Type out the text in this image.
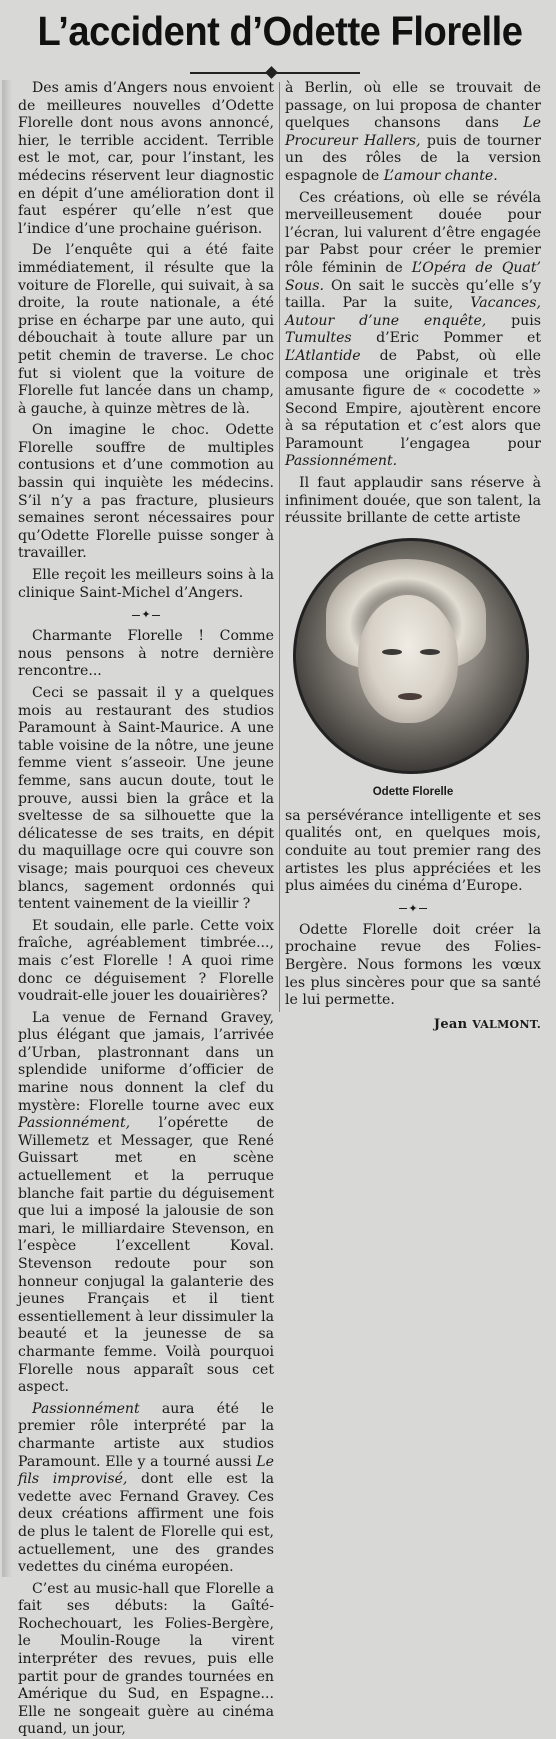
L’accident d’Odette Florelle

Des amis d’Angers nous envoient de meilleures nouvelles d’Odette Florelle dont nous avons annoncé, hier, le terrible accident. Terrible est le mot, car, pour l’instant, les médecins réservent leur diagnostic en dépit d’une amélioration dont il faut espérer qu’elle n’est que l’indice d’une prochaine guérison.

De l’enquête qui a été faite immédiatement, il résulte que la voiture de Florelle, qui suivait, à sa droite, la route nationale, a été prise en écharpe par une auto, qui débouchait à toute allure par un petit chemin de traverse. Le choc fut si violent que la voiture de Florelle fut lancée dans un champ, à gauche, à quinze mètres de là.

On imagine le choc. Odette Florelle souffre de multiples contusions et d’une commotion au bassin qui inquiète les médecins. S’il n’y a pas fracture, plusieurs semaines seront nécessaires pour qu’Odette Florelle puisse songer à travailler.

Elle reçoit les meilleurs soins à la clinique Saint-Michel d’Angers.

✦

Charmante Florelle ! Comme nous pensons à notre dernière rencontre...

Ceci se passait il y a quelques mois au restaurant des studios Paramount à Saint-Maurice. A une table voisine de la nôtre, une jeune femme vient s’asseoir. Une jeune femme, sans aucun doute, tout le prouve, aussi bien la grâce et la sveltesse de sa silhouette que la délicatesse de ses traits, en dépit du maquillage ocre qui couvre son visage; mais pourquoi ces cheveux blancs, sagement ordonnés qui tentent vainement de la vieillir ?

Et soudain, elle parle. Cette voix fraîche, agréablement timbrée..., mais c’est Florelle ! A quoi rime donc ce déguisement ? Florelle voudrait-elle jouer les douairières?

La venue de Fernand Gravey, plus élégant que jamais, l’arrivée d’Urban, plastronnant dans un splendide uniforme d’officier de marine nous donnent la clef du mystère: Florelle tourne avec eux Passionnément, l’opérette de Willemetz et Messager, que René Guissart met en scène actuellement et la perruque blanche fait partie du déguisement que lui a imposé la jalousie de son mari, le milliardaire Stevenson, en l’espèce l’excellent Koval. Stevenson redoute pour son honneur conjugal la galanterie des jeunes Français et il tient essentiellement à leur dissimuler la beauté et la jeunesse de sa charmante femme. Voilà pourquoi Florelle nous apparaît sous cet aspect.

Passionnément aura été le premier rôle interprété par la charmante artiste aux studios Paramount. Elle y a tourné aussi Le fils improvisé, dont elle est la vedette avec Fernand Gravey. Ces deux créations affirment une fois de plus le talent de Florelle qui est, actuellement, une des grandes vedettes du cinéma européen.

C’est au music-hall que Florelle a fait ses débuts: la Gaîté-Rochechouart, les Folies-Bergère, le Moulin-Rouge la virent interpréter des revues, puis elle partit pour de grandes tournées en Amérique du Sud, en Espagne... Elle ne songeait guère au cinéma quand, un jour,

à Berlin, où elle se trouvait de passage, on lui proposa de chanter quelques chansons dans Le Procureur Hallers, puis de tourner un des rôles de la version espagnole de L’amour chante.

Ces créations, où elle se révéla merveilleusement douée pour l’écran, lui valurent d’être engagée par Pabst pour créer le premier rôle féminin de L’Opéra de Quat’ Sous. On sait le succès qu’elle s’y tailla. Par la suite, Vacances, Autour d’une enquête, puis Tumultes d’Eric Pommer et L’Atlantide de Pabst, où elle composa une originale et très amusante figure de « cocodette » Second Empire, ajoutèrent encore à sa réputation et c’est alors que Paramount l’engagea pour Passionnément.

Il faut applaudir sans réserve à infiniment douée, que son talent, la réussite brillante de cette artiste

Odette Florelle

sa persévérance intelligente et ses qualités ont, en quelques mois, conduite au tout premier rang des artistes les plus appréciées et les plus aimées du cinéma d’Europe.

✦

Odette Florelle doit créer la prochaine revue des Folies-Bergère. Nous formons les vœux les plus sincères pour que sa santé le lui permette.

Jean VALMONT.
